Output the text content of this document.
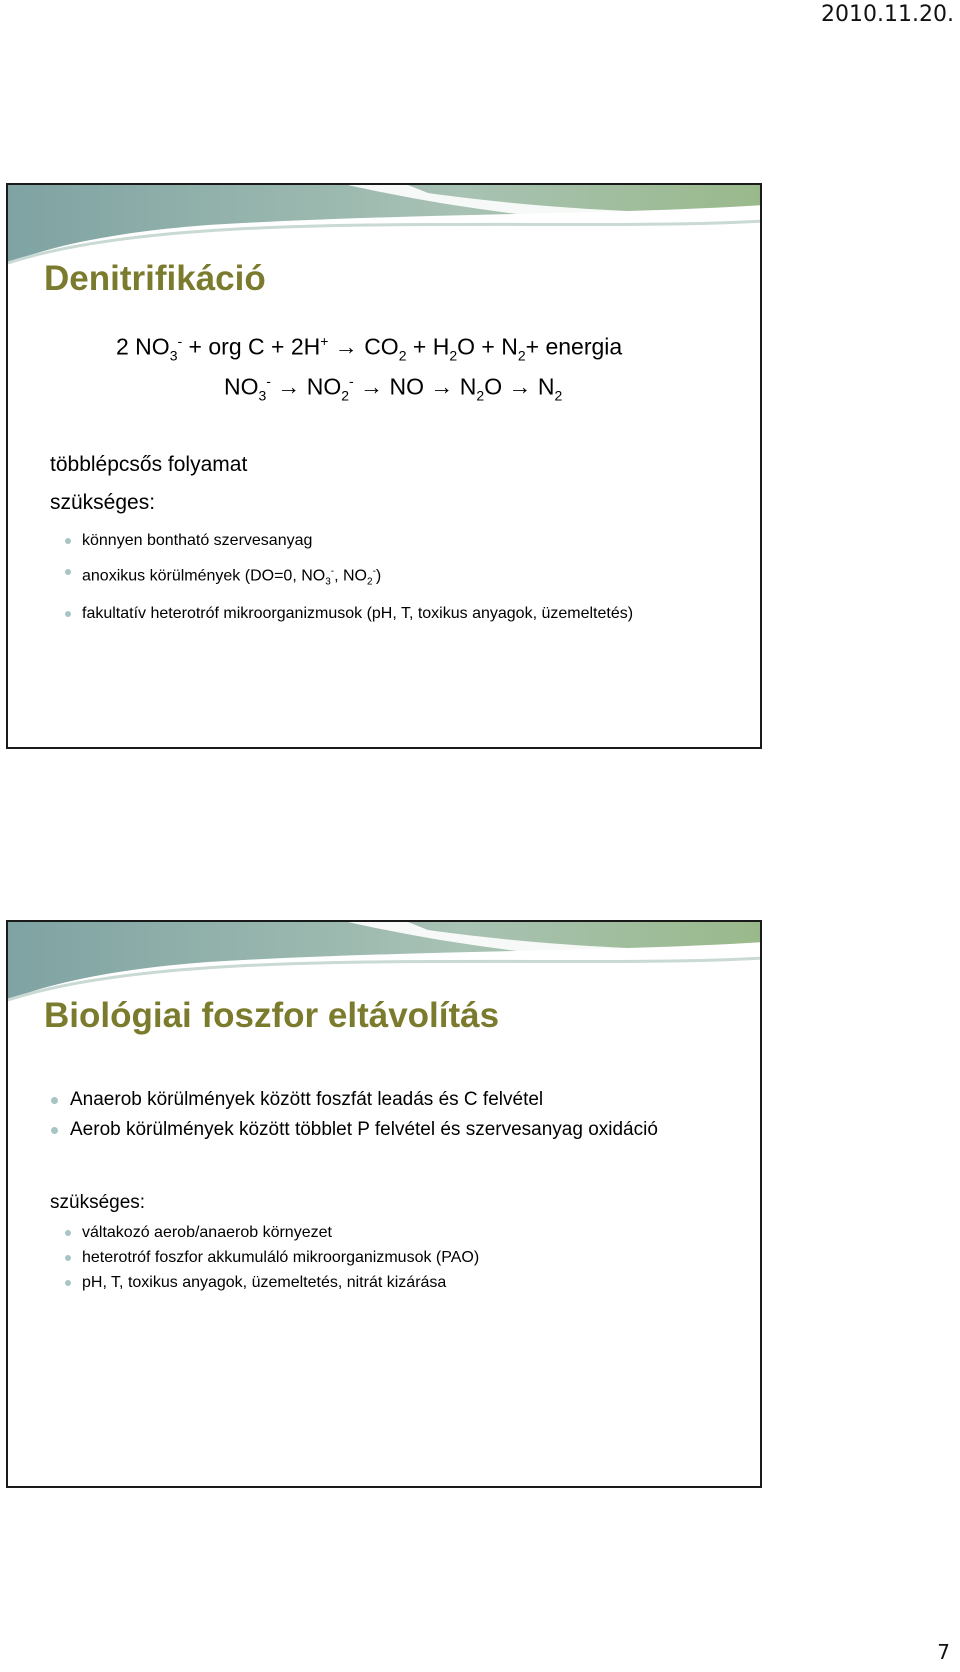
2010.11.20.
Denitrifikáció
2 $NO_3^-$ + org $C + 2H^+ \to CO_2 + H_2O + N_2+$ energia
$NO_3^- \to NO_2^-$ → NO → $N_2O \to N_2$

többlépcsős folyamat

szükséges:

könnyen bontható szervesanyag
anoxikus körülmények (DO=0, $NO_3^-$, $NO_2^-$)
fakultatív heterotróf mikroorganizmusok (pH, T, toxikus anyagok, üzemeltetés)
Biológiai foszfor eltávolítás
Anaerob körülmények között foszfát leadás és C felvétel
Aerob körülmények között többlet P felvétel és szervesanyag oxidáció

szükséges:

váltakozó aerob/anaerob környezet
heterotróf foszfor akkumuláló mikroorganizmusok (PAO)
pH, T, toxikus anyagok, üzemeltetés, nitrát kizárása
7
